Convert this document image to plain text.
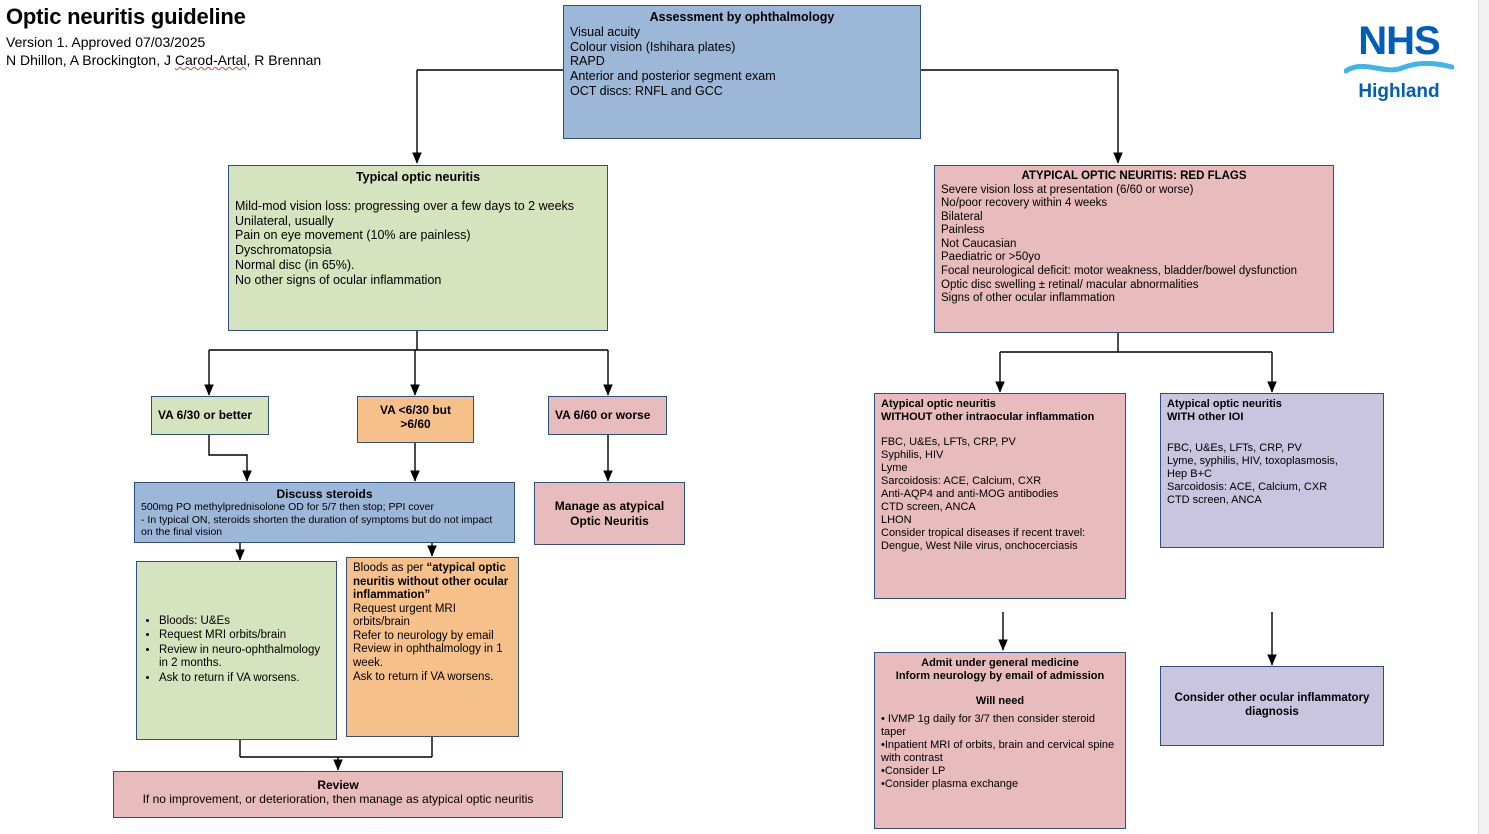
Optic neuritis guideline
Version 1. Approved 07/03/2025
N Dhillon, A Brockington, J Carod-Artal, R Brennan	NHS
Highland
Assessment by ophthalmology
Visual acuity
Colour vision (Ishihara plates)
RAPD
Anterior and posterior segment exam
OCT discs: RNFL and GCC
Typical optic neuritis
Mild-mod vision loss: progressing over a few days to 2 weeks
Unilateral, usually
Pain on eye movement (10% are painless)
Dyschromatopsia
Normal disc (in 65%).
No other signs of ocular inflammation
ATYPICAL OPTIC NEURITIS: RED FLAGS
Severe vision loss at presentation (6/60 or worse)
No/poor recovery within 4 weeks
Bilateral
Painless
Not Caucasian
Paediatric or >50yo
Focal neurological deficit: motor weakness, bladder/bowel dysfunction
Optic disc swelling ± retinal/ macular abnormalities
Signs of other ocular inflammation
VA 6/30 or better	VA <6/30 but
>6/60
VA 6/60 or worse
Discuss steroids
500mg PO methylprednisolone OD for 5/7 then stop; PPI cover
- In typical ON, steroids shorten the duration of symptoms but do not impact
on the final vision
Manage as atypical
Optic Neuritis
• Bloods: U&Es
• Request MRI orbits/brain
• Review in neuro-ophthalmology in 2 months.
• Ask to return if VA worsens.
Bloods as per “atypical optic neuritis without other ocular inflammation”
Request urgent MRI orbits/brain
Refer to neurology by email
Review in ophthalmology in 1 week.
Ask to return if VA worsens.
Review
If no improvement, or deterioration, then manage as atypical optic neuritis
Atypical optic neuritis
WITHOUT other intraocular inflammation
FBC, U&Es, LFTs, CRP, PV
Syphilis, HIV
Lyme
Sarcoidosis: ACE, Calcium, CXR
Anti-AQP4 and anti-MOG antibodies
CTD screen, ANCA
LHON
Consider tropical diseases if recent travel:
Dengue, West Nile virus, onchocerciasis
Atypical optic neuritis
WITH other IOI
FBC, U&Es, LFTs, CRP, PV
Lyme, syphilis, HIV, toxoplasmosis,
Hep B+C
Sarcoidosis: ACE, Calcium, CXR
CTD screen, ANCA
Admit under general medicine
Inform neurology by email of admission
Will need
• IVMP 1g daily for 3/7 then consider steroid taper
•Inpatient MRI of orbits, brain and cervical spine with contrast
•Consider LP
•Consider plasma exchange
Consider other ocular inflammatory
diagnosis
